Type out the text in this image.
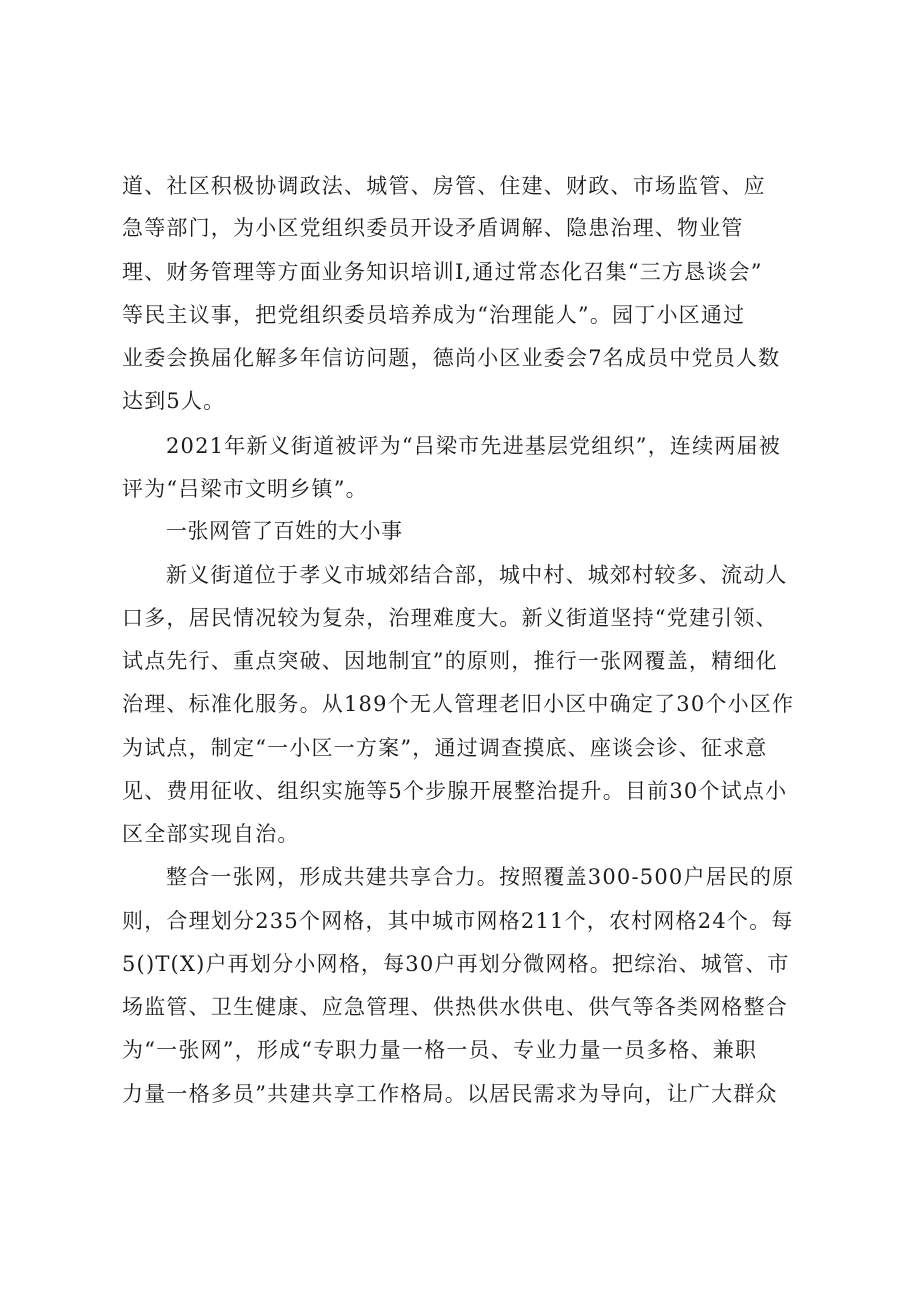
道、社区积极协调政法、城管、房管、住建、财政、市场监管、应
急等部门，为小区党组织委员开设矛盾调解、隐患治理、物业管
理、财务管理等方面业务知识培训I,通过常态化召集“三方恳谈会”
等民主议事，把党组织委员培养成为“治理能人”。园丁小区通过
业委会换届化解多年信访问题，德尚小区业委会7名成员中党员人数
达到5人。
2021年新义街道被评为“吕梁市先进基层党组织”，连续两届被
评为“吕梁市文明乡镇”。
一张网管了百姓的大小事
新义街道位于孝义市城郊结合部，城中村、城郊村较多、流动人
口多，居民情况较为复杂，治理难度大。新义街道坚持“党建引领、
试点先行、重点突破、因地制宜”的原则，推行一张网覆盖，精细化
治理、标准化服务。从189个无人管理老旧小区中确定了30个小区作
为试点，制定“一小区一方案”，通过调查摸底、座谈会诊、征求意
见、费用征收、组织实施等5个步腺开展整治提升。目前30个试点小
区全部实现自治。
整合一张网，形成共建共享合力。按照覆盖300-500户居民的原
则，合理划分235个网格，其中城市网格211个，农村网格24个。每
5()T(X)户再划分小网格，每30户再划分微网格。把综治、城管、市
场监管、卫生健康、应急管理、供热供水供电、供气等各类网格整合
为“一张网”，形成“专职力量一格一员、专业力量一员多格、兼职
力量一格多员”共建共享工作格局。以居民需求为导向，让广大群众
